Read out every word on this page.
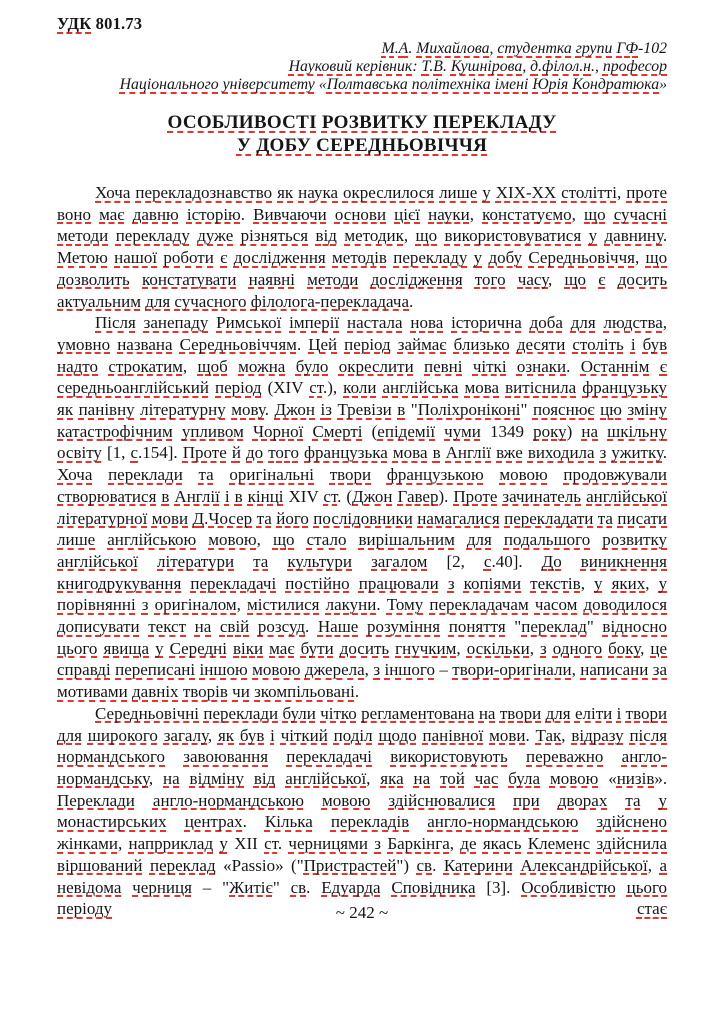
УДК 801.73
М.А. Михайлова, студентка групи ГФ-102
Науковий керівник: Т.В. Кушнірова, д.філол.н., професор
Національного університету «Полтавська політехніка імені Юрія Кондратюка»
ОСОБЛИВОСТІ РОЗВИТКУ ПЕРЕКЛАДУ
У ДОБУ СЕРЕДНЬОВІЧЧЯ

Хоча перекладознавство як наука окреслилося лише у ХІХ-ХХ столітті, проте воно має давню історію. Вивчаючи основи цієї науки, констатуємо, що сучасні методи перекладу дуже різняться від методик, що використовуватися у давнину. Метою нашої роботи є дослідження методів перекладу у добу Середньовіччя, що дозволить констатувати наявні методи дослідження того часу, що є досить актуальним для сучасного філолога-перекладача.

Після занепаду Римської імперії настала нова історична доба для людства, умовно названа Середньовіччям. Цей період займає близько десяти століть і був надто строкатим, щоб можна було окреслити певні чіткі ознаки. Останнім є середньоанглійський період (XIV ст.), коли англійська мова витіснила французьку як панівну літературну мову. Джон із Тревізи в "Поліхроніконі" пояснює цю зміну катастрофічним упливом Чорної Смерті (епідемії чуми 1349 року) на шкільну освіту [1, с.154]. Проте й до того французька мова в Англії вже виходила з ужитку. Хоча переклади та оригінальні твори французькою мовою продовжували створюватися в Англії і в кінці XIV ст. (Джон Гавер). Проте зачинатель англійської літературної мови Д.Чосер та його послідовники намагалися перекладати та писати лише англійською мовою, що стало вирішальним для подальшого розвитку англійської літератури та культури загалом [2, с.40]. До виникнення книгодрукування перекладачі постійно працювали з копіями текстів, у яких, у порівнянні з оригіналом, містилися лакуни. Тому перекладачам часом доводилося дописувати текст на свій розсуд. Наше розуміння поняття "переклад" відносно цього явища у Середні віки має бути досить гнучким, оскільки, з одного боку, це справді переписані іншою мовою джерела, з іншого – твори-оригінали, написани за мотивами давніх творів чи зкомпільовані.

Середньовічні переклади були чітко регламентована на твори для еліти і твори для широкого загалу, як був і чіткий поділ щодо панівної мови. Так, відразу після нормандського завоювання перекладачі використовують переважно англо-нормандську, на відміну від англійської, яка на той час була мовою «низів». Переклади англо-нормандською мовою здійснювалися при дворах та у монастирських центрах. Кілька перекладів англо-нормандською здійснено жінками, напрриклад у XII ст. черницями з Баркінга, де якась Клеменс здійснила віршований переклад «Passio» ("Пристрастей") св. Катерини Александрійської, а невідома черниця – "Житіє" св. Едуарда Сповідника [3]. Особливістю цього періоду	стає

~ 242 ~
